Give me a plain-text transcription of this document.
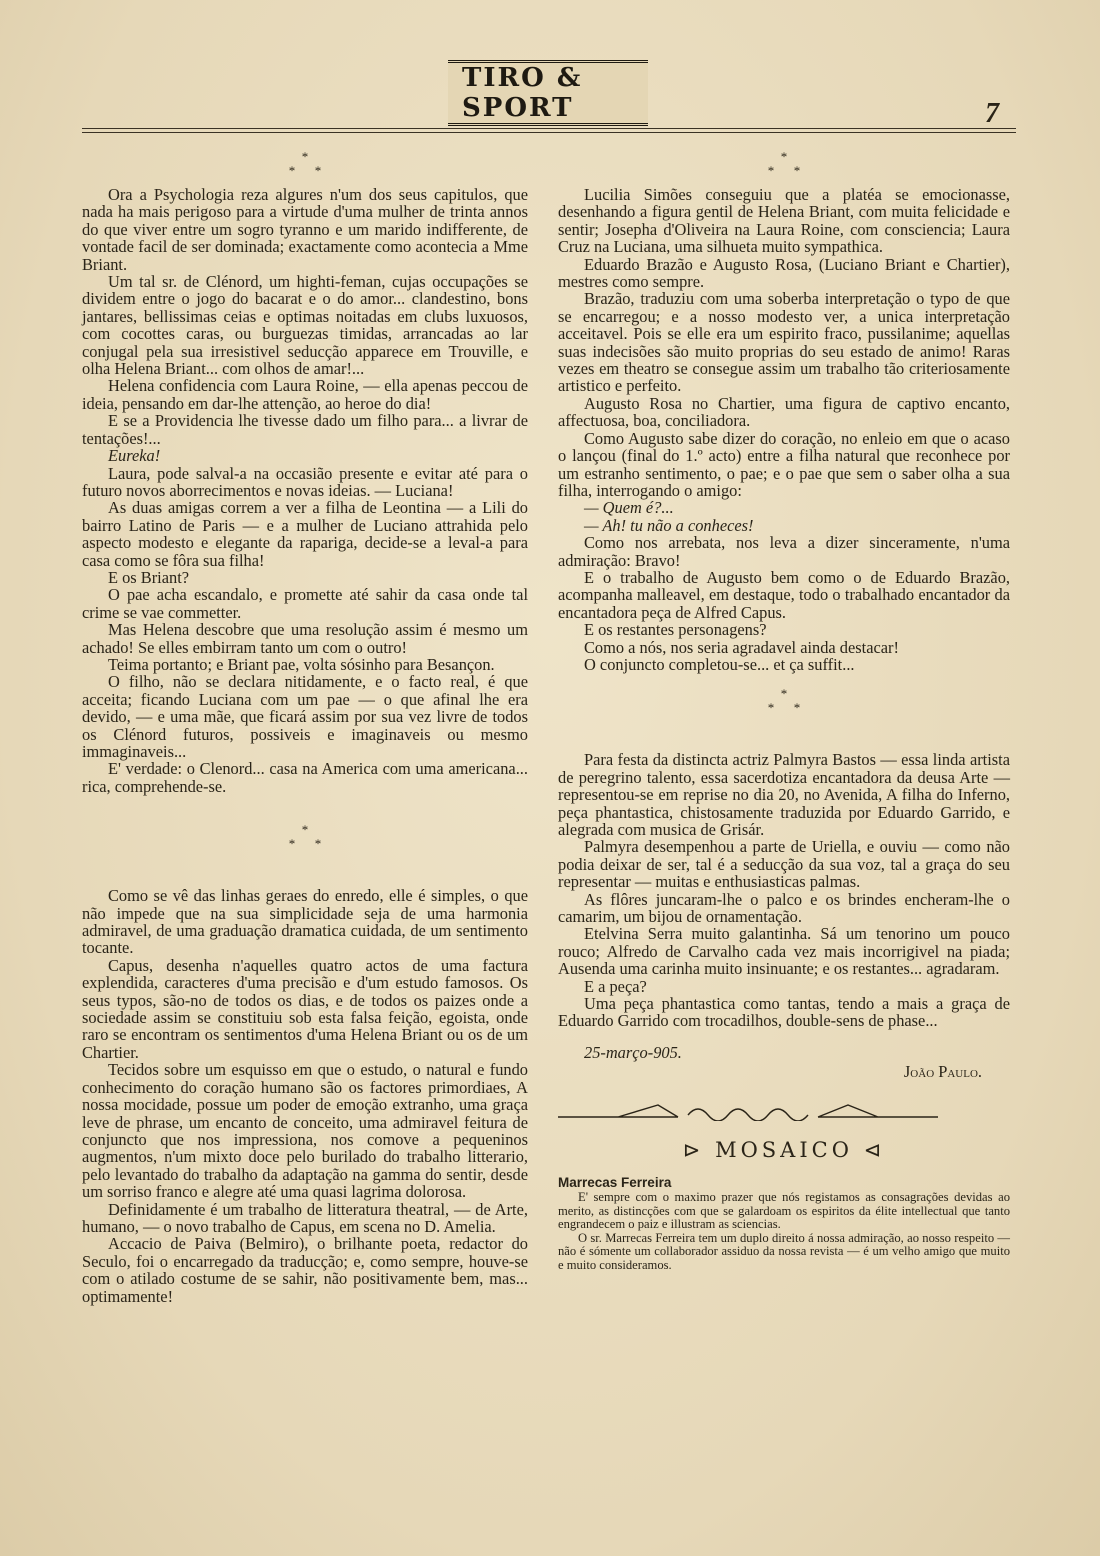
TIRO & SPORT	7
*
* *

Ora a Psychologia reza algures n'um dos seus capitulos, que nada ha mais perigoso para a virtude d'uma mulher de trinta annos do que viver entre um sogro tyranno e um marido indifferente, de vontade facil de ser dominada; exactamente como acontecia a Mme Briant.

Um tal sr. de Clénord, um highti-feman, cujas occupações se dividem entre o jogo do bacarat e o do amor... clandestino, bons jantares, bellissimas ceias e optimas noitadas em clubs luxuosos, com cocottes caras, ou burguezas timidas, arrancadas ao lar conjugal pela sua irresistivel seducção apparece em Trouville, e olha Helena Briant... com olhos de amar!...

Helena confidencia com Laura Roine, — ella apenas peccou de ideia, pensando em dar-lhe attenção, ao heroe do dia!

E se a Providencia lhe tivesse dado um filho para... a livrar de tentações!...

Eureka!

Laura, pode salval-a na occasião presente e evitar até para o futuro novos aborrecimentos e novas ideias. — Luciana!

As duas amigas correm a ver a filha de Leontina — a Lili do bairro Latino de Paris — e a mulher de Luciano attrahida pelo aspecto modesto e elegante da rapariga, decide-se a leval-a para casa como se fôra sua filha!

E os Briant?

O pae acha escandalo, e promette até sahir da casa onde tal crime se vae commetter.

Mas Helena descobre que uma resolução assim é mesmo um achado! Se elles embirram tanto um com o outro!

Teima portanto; e Briant pae, volta sósinho para Besançon.

O filho, não se declara nitidamente, e o facto real, é que acceita; ficando Luciana com um pae — o que afinal lhe era devido, — e uma mãe, que ficará assim por sua vez livre de todos os Clénord futuros, possiveis e imaginaveis ou mesmo immaginaveis...

E' verdade: o Clenord... casa na America com uma americana... rica, comprehende-se.

*
* *

Como se vê das linhas geraes do enredo, elle é simples, o que não impede que na sua simplicidade seja de uma harmonia admiravel, de uma graduação dramatica cuidada, de um sentimento tocante.

Capus, desenha n'aquelles quatro actos de uma factura explendida, caracteres d'uma precisão e d'um estudo famosos. Os seus typos, são-no de todos os dias, e de todos os paizes onde a sociedade assim se constituiu sob esta falsa feição, egoista, onde raro se encontram os sentimentos d'uma Helena Briant ou os de um Chartier.

Tecidos sobre um esquisso em que o estudo, o natural e fundo conhecimento do coração humano são os factores primordiaes, A nossa mocidade, possue um poder de emoção extranho, uma graça leve de phrase, um encanto de conceito, uma admiravel feitura de conjuncto que nos impressiona, nos comove a pequeninos augmentos, n'um mixto doce pelo burilado do trabalho litterario, pelo levantado do trabalho da adaptação na gamma do sentir, desde um sorriso franco e alegre até uma quasi lagrima dolorosa.

Definidamente é um trabalho de litteratura theatral, — de Arte, humano, — o novo trabalho de Capus, em scena no D. Amelia.

Accacio de Paiva (Belmiro), o brilhante poeta, redactor do Seculo, foi o encarregado da traducção; e, como sempre, houve-se com o atilado costume de se sahir, não positivamente bem, mas... optimamente!

*
* *

Lucilia Simões conseguiu que a platéa se emocionasse, desenhando a figura gentil de Helena Briant, com muita felicidade e sentir; Josepha d'Oliveira na Laura Roine, com consciencia; Laura Cruz na Luciana, uma silhueta muito sympathica.

Eduardo Brazão e Augusto Rosa, (Luciano Briant e Chartier), mestres como sempre.

Brazão, traduziu com uma soberba interpretação o typo de que se encarregou; e a nosso modesto ver, a unica interpretação acceitavel. Pois se elle era um espirito fraco, pussilanime; aquellas suas indecisões são muito proprias do seu estado de animo! Raras vezes em theatro se consegue assim um trabalho tão criteriosamente artistico e perfeito.

Augusto Rosa no Chartier, uma figura de captivo encanto, affectuosa, boa, conciliadora.

Como Augusto sabe dizer do coração, no enleio em que o acaso o lançou (final do 1.º acto) entre a filha natural que reconhece por um estranho sentimento, o pae; e o pae que sem o saber olha a sua filha, interrogando o amigo:

— Quem é?...

— Ah! tu não a conheces!

Como nos arrebata, nos leva a dizer sinceramente, n'uma admiração: Bravo!

E o trabalho de Augusto bem como o de Eduardo Brazão, acompanha malleavel, em destaque, todo o trabalhado encantador da encantadora peça de Alfred Capus.

E os restantes personagens?

Como a nós, nos seria agradavel ainda destacar!

O conjuncto completou-se... et ça suffit...

*
* *

Para festa da distincta actriz Palmyra Bastos — essa linda artista de peregrino talento, essa sacerdotiza encantadora da deusa Arte — representou-se em reprise no dia 20, no Avenida, A filha do Inferno, peça phantastica, chistosamente traduzida por Eduardo Garrido, e alegrada com musica de Grisár.

Palmyra desempenhou a parte de Uriella, e ouviu — como não podia deixar de ser, tal é a seducção da sua voz, tal a graça do seu representar — muitas e enthusiasticas palmas.

As flôres juncaram-lhe o palco e os brindes encheram-lhe o camarim, um bijou de ornamentação.

Etelvina Serra muito galantinha. Sá um tenorino um pouco rouco; Alfredo de Carvalho cada vez mais incorrigivel na piada; Ausenda uma carinha muito insinuante; e os restantes... agradaram.

E a peça?

Uma peça phantastica como tantas, tendo a mais a graça de Eduardo Garrido com trocadilhos, double-sens de phase...

25-março-905.

João Paulo.

⊳ MOSAICO ⊲

Marrecas Ferreira

E' sempre com o maximo prazer que nós registamos as consagrações devidas ao merito, as distincções com que se galardoam os espiritos da élite intellectual que tanto engrandecem o paiz e illustram as sciencias.

O sr. Marrecas Ferreira tem um duplo direito á nossa admiração, ao nosso respeito — não é sómente um collaborador assiduo da nossa revista — é um velho amigo que muito e muito consideramos.
